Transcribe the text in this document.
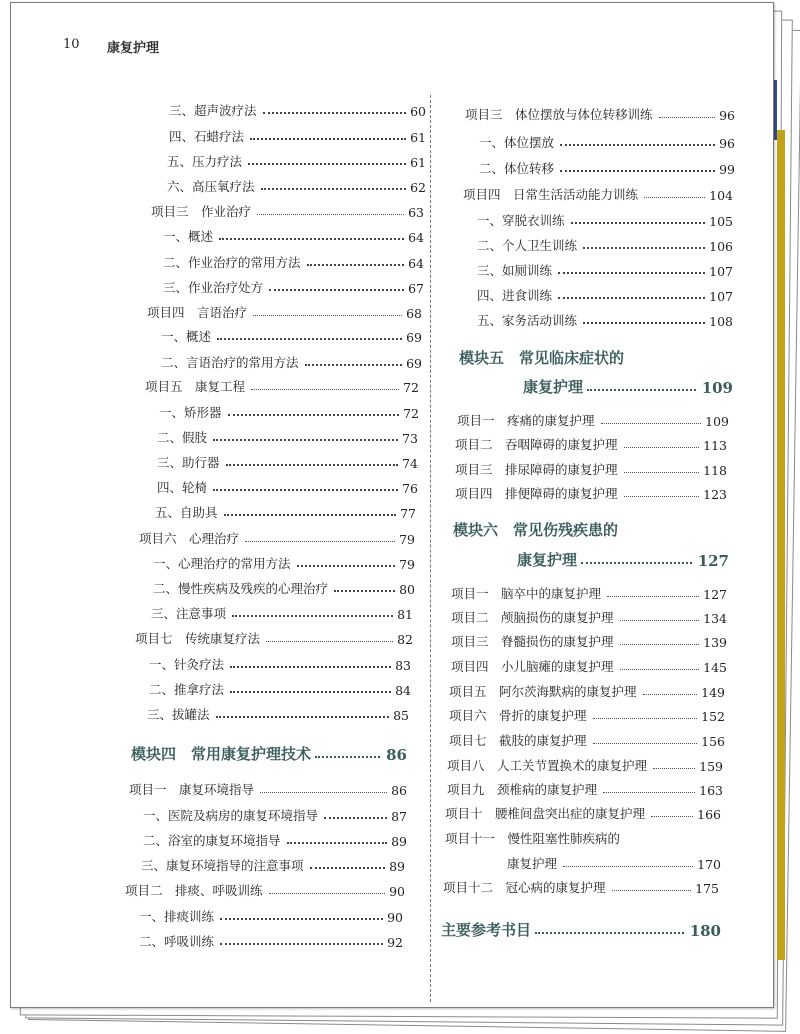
10 康复护理
三、超声波疗法	60
四、石蜡疗法	61
五、压力疗法	61
六、高压氧疗法	62
项目三　作业治疗	63
一、概述	64
二、作业治疗的常用方法	64
三、作业治疗处方	67
项目四　言语治疗	68
一、概述	69
二、言语治疗的常用方法	69
项目五　康复工程	72
一、矫形器	72
二、假肢	73
三、助行器	74
四、轮椅	76
五、自助具	77
项目六　心理治疗	79
一、心理治疗的常用方法	79
二、慢性疾病及残疾的心理治疗	80
三、注意事项	81
项目七　传统康复疗法	82
一、针灸疗法	83
二、推拿疗法	84
三、拔罐法	85
模块四　常用康复护理技术	86
项目一　康复环境指导	86
一、医院及病房的康复环境指导	87
二、浴室的康复环境指导	89
三、康复环境指导的注意事项	89
项目二　排痰、呼吸训练	90
一、排痰训练	90
二、呼吸训练	92
项目三　体位摆放与体位转移训练	96
一、体位摆放	96
二、体位转移	99
项目四　日常生活活动能力训练	104
一、穿脱衣训练	105
二、个人卫生训练	106
三、如厕训练	107
四、进食训练	107
五、家务活动训练	108
模块五　常见临床症状的
康复护理	109
项目一　疼痛的康复护理	109
项目二　吞咽障碍的康复护理	113
项目三　排尿障碍的康复护理	118
项目四　排便障碍的康复护理	123
模块六　常见伤残疾患的
康复护理	127
项目一　脑卒中的康复护理	127
项目二　颅脑损伤的康复护理	134
项目三　脊髓损伤的康复护理	139
项目四　小儿脑瘫的康复护理	145
项目五　阿尔茨海默病的康复护理	149
项目六　骨折的康复护理	152
项目七　截肢的康复护理	156
项目八　人工关节置换术的康复护理	159
项目九　颈椎病的康复护理	163
项目十　腰椎间盘突出症的康复护理	166
项目十一　慢性阻塞性肺疾病的
康复护理	170
项目十二　冠心病的康复护理	175
主要参考书目	180
